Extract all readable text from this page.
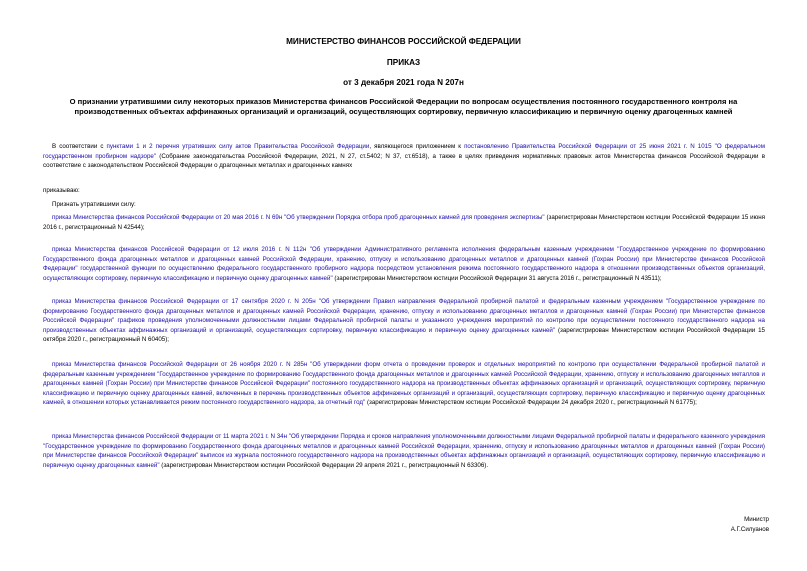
МИНИСТЕРСТВО ФИНАНСОВ РОССИЙСКОЙ ФЕДЕРАЦИИ
ПРИКАЗ
от 3 декабря 2021 года N 207н
О признании утратившими силу некоторых приказов Министерства финансов Российской Федерации по вопросам осуществления постоянного государственного контроля на производственных объектах аффинажных организаций и организаций, осуществляющих сортировку, первичную классификацию и первичную оценку драгоценных камней
В соответствии с пунктами 1 и 2 перечня утративших силу актов Правительства Российской Федерации, являющегося приложением к постановлению Правительства Российской Федерации от 25 июня 2021 г. N 1015 "О федеральном государственном пробирном надзоре" (Собрание законодательства Российской Федерации, 2021, N 27, ст.5402; N 37, ст.6518), а также в целях приведения нормативных правовых актов Министерства финансов Российской Федерации в соответствие с законодательством Российской Федерации о драгоценных металлах и драгоценных камнях
приказываю:
Признать утратившими силу:
приказ Министерства финансов Российской Федерации от 20 мая 2016 г. N 69н "Об утверждении Порядка отбора проб драгоценных камней для проведения экспертизы" (зарегистрирован Министерством юстиции Российской Федерации 15 июня 2016 г., регистрационный N 42544);
приказ Министерства финансов Российской Федерации от 12 июля 2016 г. N 112н "Об утверждении Административного регламента исполнения федеральным казенным учреждением "Государственное учреждение по формированию Государственного фонда драгоценных металлов и драгоценных камней Российской Федерации, хранению, отпуску и использованию драгоценных металлов и драгоценных камней (Гохран России) при Министерстве финансов Российской Федерации" государственной функции по осуществлению федерального государственного пробирного надзора посредством установления режима постоянного государственного надзора в отношении производственных объектов организаций, осуществляющих сортировку, первичную классификацию и первичную оценку драгоценных камней" (зарегистрирован Министерством юстиции Российской Федерации 31 августа 2016 г., регистрационный N 43511);
приказ Министерства финансов Российской Федерации от 17 сентября 2020 г. N 205н "Об утверждении Правил направления Федеральной пробирной палатой и федеральным казенным учреждением "Государственное учреждение по формированию Государственного фонда драгоценных металлов и драгоценных камней Российской Федерации, хранению, отпуску и использованию драгоценных металлов и драгоценных камней (Гохран России) при Министерстве финансов Российской Федерации" графиков проведения уполномоченными должностными лицами Федеральной пробирной палаты и указанного учреждения мероприятий по контролю при осуществлении постоянного государственного надзора на производственных объектах аффинажных организаций и организаций, осуществляющих сортировку, первичную классификацию и первичную оценку драгоценных камней" (зарегистрирован Министерством юстиции Российской Федерации 15 октября 2020 г., регистрационный N 60405);
приказ Министерства финансов Российской Федерации от 26 ноября 2020 г. N 285н "Об утверждении форм отчета о проведении проверок и отдельных мероприятий по контролю при осуществлении Федеральной пробирной палатой и федеральным казенным учреждением "Государственное учреждение по формированию Государственного фонда драгоценных металлов и драгоценных камней Российской Федерации, хранению, отпуску и использованию драгоценных металлов и драгоценных камней (Гохран России) при Министерстве финансов Российской Федерации" постоянного государственного надзора на производственных объектах аффинажных организаций и организаций, осуществляющих сортировку, первичную классификацию и первичную оценку драгоценных камней, включенных в перечень производственных объектов аффинажных организаций и организаций, осуществляющих сортировку, первичную классификацию и первичную оценку драгоценных камней, в отношении которых устанавливается режим постоянного государственного надзора, за отчетный год" (зарегистрирован Министерством юстиции Российской Федерации 24 декабря 2020 г., регистрационный N 61775);
приказ Министерства финансов Российской Федерации от 11 марта 2021 г. N 34н "Об утверждении Порядка и сроков направления уполномоченными должностными лицами Федеральной пробирной палаты и федерального казенного учреждения "Государственное учреждение по формированию Государственного фонда драгоценных металлов и драгоценных камней Российской Федерации, хранению, отпуску и использованию драгоценных металлов и драгоценных камней (Гохран России) при Министерстве финансов Российской Федерации" выписок из журнала постоянного государственного надзора на производственных объектах аффинажных организаций и организаций, осуществляющих сортировку, первичную классификацию и первичную оценку драгоценных камней" (зарегистрирован Министерством юстиции Российской Федерации 29 апреля 2021 г., регистрационный N 63306).
Министр
А.Г.Силуанов
